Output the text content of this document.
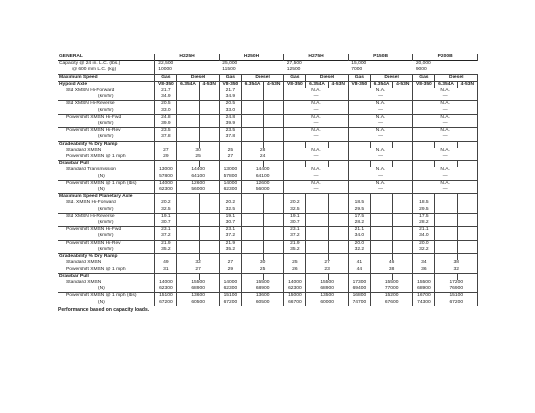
GENERAL	H225H			H250H			H275H			P150B			P200B		
Capacity @ 24 in. L.C. (lbs.)	22,500			25,000			27,500			15,000			20,000		
@ 600 mm L.C. (kg)	10000			11500			12500			7000			9000		
Maximum Speed	Gas	Diesel		Gas	Diesel		Gas	Diesel		Gas	Diesel		Gas	Diesel	
Hypoid Axle	V8-350	6.354A	4-53N	V8-350	6.354A	4-53N	V8-350	6.354A	4-53N	V8-350	6.354A	4-53N	V8-350	6.354A	4-53N
Std XMSN Hi-Forward	21.7			21.7			N.A.			N.A.			N.A.		
(km/hr)	34.9			34.9			—			—			—		
Std XMSN Hi-Reverse	20.5			20.5			N.A.			N.A.			N.A.		
(km/hr)	33.0			33.0			—			—			—		
Powershift XMSN Hi-Fwd	24.8			24.8			N.A.			N.A.			N.A.		
(km/hr)	39.9			39.9			—			—			—		
Powershift XMSN Hi-Rev	23.5			23.5			N.A.			N.A.			N.A.		
(km/hr)	37.8			37.8			—			—			—		
Gradeability % Dry Ramp															
Standard XMSN	27	30		25	28		N.A.			N.A.			N.A.		
Powershift XMSN @ 1 mph	29	25		27	24		—			—			—		
Drawbar Pull															
Standard Transmission	13000	14400		13000	14400		N.A.			N.A.			N.A.		
(N)	57800	64100		57800	64100		—			—			—		
Powershift XMSN @ 1 mph (lbs)	14000	12600		14000	12600		N.A.			N.A.			N.A.		
(N)	62300	56000		62300	56000		—			—			—		
Maximum Speed Planetary Axle															
Std. XMSN Hi-Forward	20.2			20.2			20.2			18.5			18.5		
(km/hr)	32.5			32.5			32.5			29.5			29.5		
Std XMSN Hi-Reverse	19.1			19.1			19.1			17.5			17.5		
(km/hr)	30.7			30.7			30.7			28.2			28.2		
Powershift XMSN Hi-Fwd	23.1			23.1			23.1			21.1			21.1		
(km/hr)	37.2			37.2			37.2			34.0			34.0		
Powershift XMSN Hi-Rev	21.9			21.9			21.9			20.0			20.0		
(km/hr)	35.2			35.2			35.2			32.2			32.2		
Gradeability % Dry Ramp															
Standard XMSN	49	32		27	30		25	27		41	46		34	38	
Powershift XMSN @ 1 mph	31	27		29	25		26	23		44	38		36	32	
Drawbar Pull															
Standard XMSN	14000	15500		14000	15500		14000	15500		17300	15500		15500	17200	
(N)	62300	68900		62300	68900		62300	68900		69400	77000		68900	76900	
Powershift XMSN @ 1 mph (lbs)	15100	13600		15100	13600		15000	13500		16800	15200		16700	15100	
(N)	67200	60500		67200	60500		66700	60000		74700	67600		74300	67200	
Performance based on capacity loads.
